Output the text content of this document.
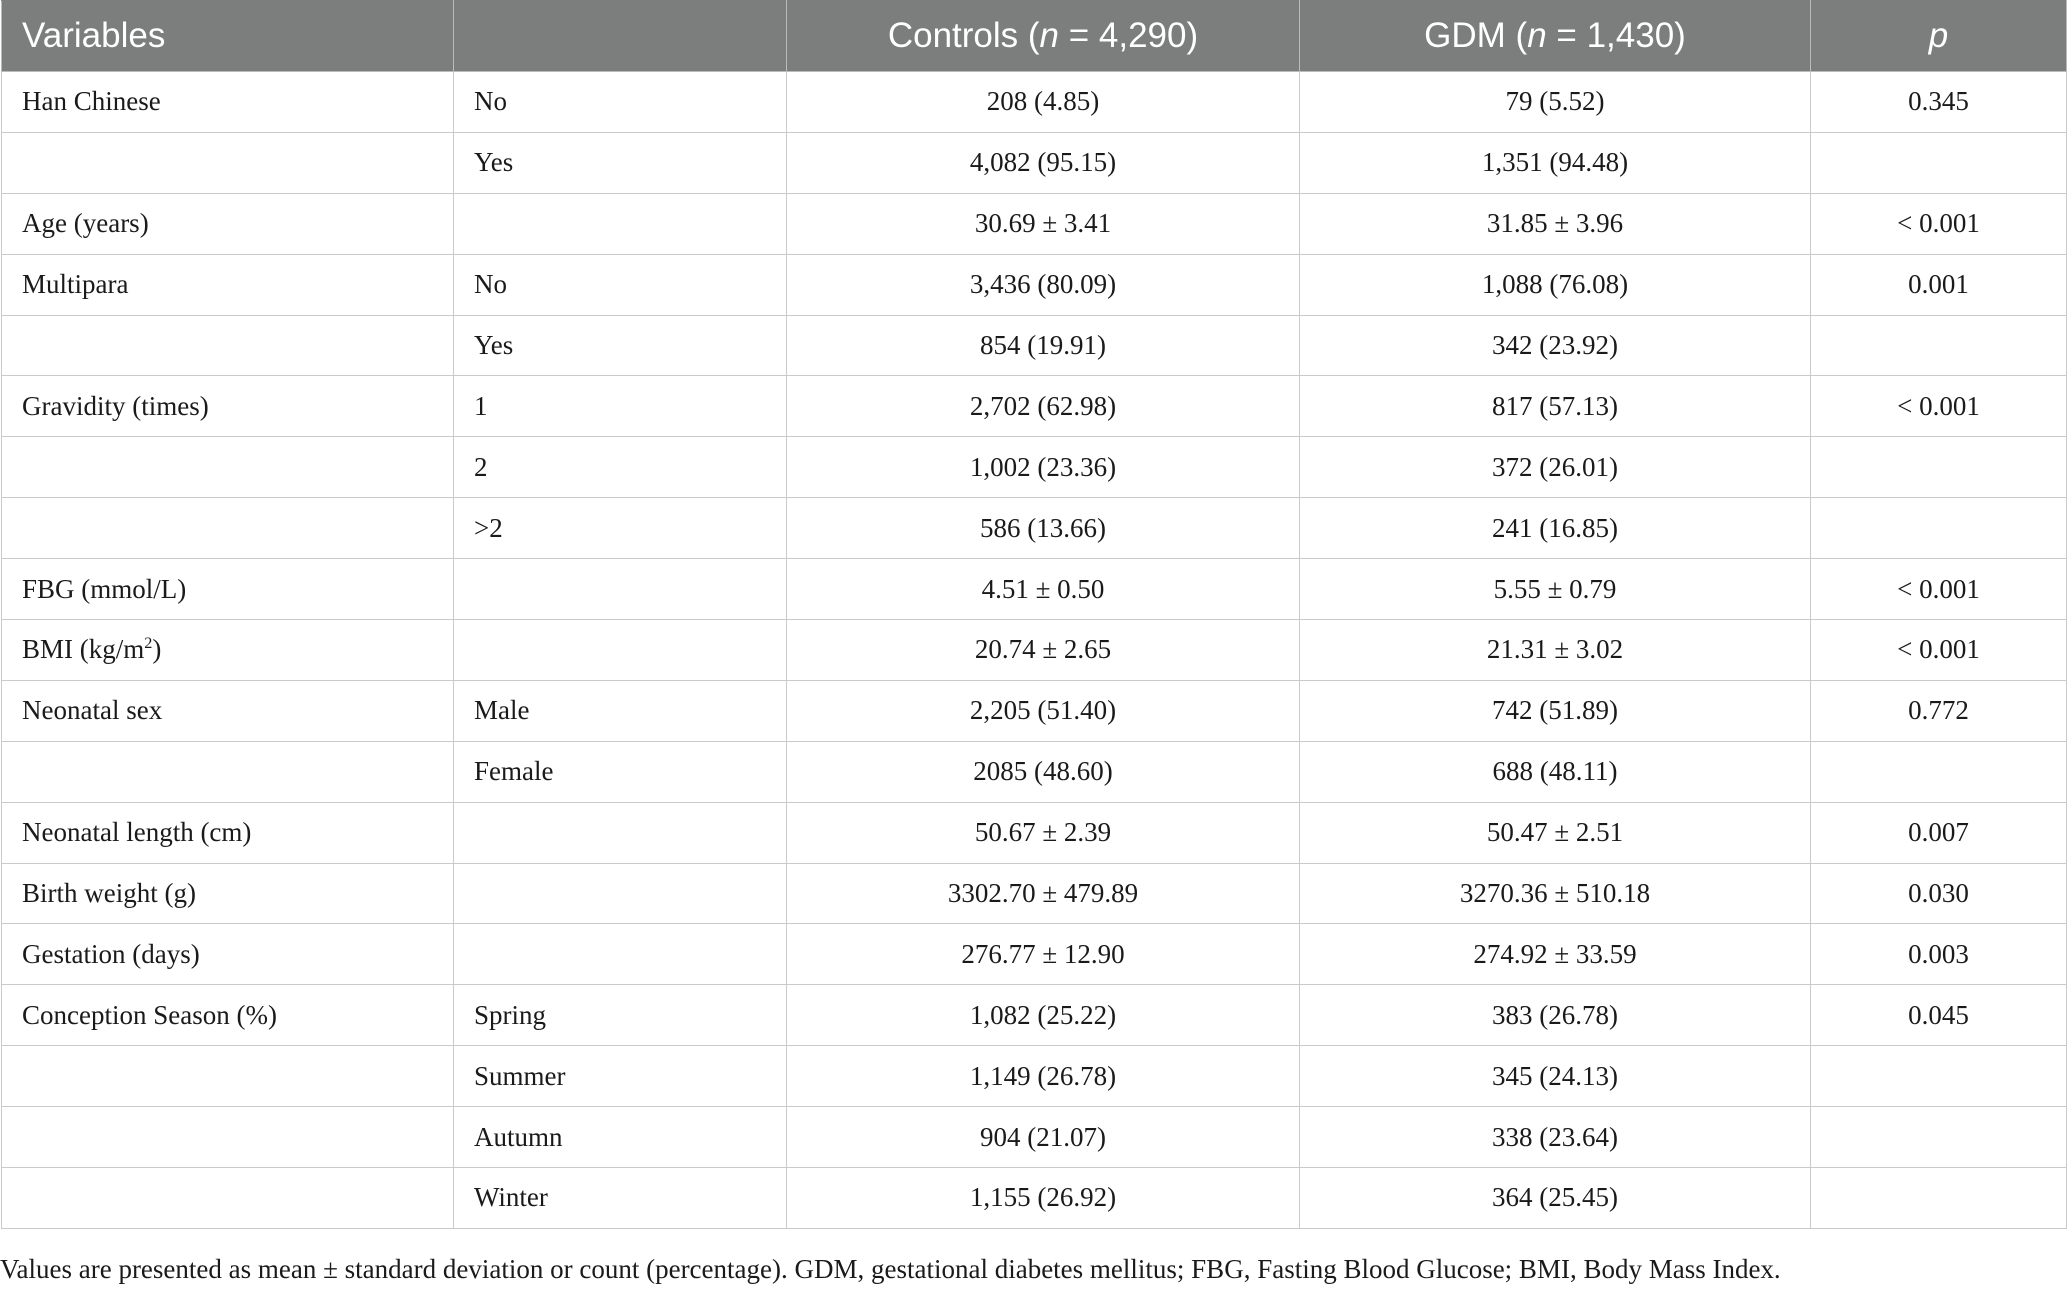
Variables		Controls (n = 4,290)	GDM (n = 1,430)	p
Han Chinese	No	208 (4.85)	79 (5.52)	0.345
	Yes	4,082 (95.15)	1,351 (94.48)	
Age (years)		30.69 ± 3.41	31.85 ± 3.96	< 0.001
Multipara	No	3,436 (80.09)	1,088 (76.08)	0.001
	Yes	854 (19.91)	342 (23.92)	
Gravidity (times)	1	2,702 (62.98)	817 (57.13)	< 0.001
	2	1,002 (23.36)	372 (26.01)	
	>2	586 (13.66)	241 (16.85)	
FBG (mmol/L)		4.51 ± 0.50	5.55 ± 0.79	< 0.001
BMI $(kg/m^2)$		20.74 ± 2.65	21.31 ± 3.02	< 0.001
Neonatal sex	Male	2,205 (51.40)	742 (51.89)	0.772
	Female	2085 (48.60)	688 (48.11)	
Neonatal length (cm)		50.67 ± 2.39	50.47 ± 2.51	0.007
Birth weight (g)		3302.70 ± 479.89	3270.36 ± 510.18	0.030
Gestation (days)		276.77 ± 12.90	274.92 ± 33.59	0.003
Conception Season (%)	Spring	1,082 (25.22)	383 (26.78)	0.045
	Summer	1,149 (26.78)	345 (24.13)	
	Autumn	904 (21.07)	338 (23.64)	
	Winter	1,155 (26.92)	364 (25.45)	
Values are presented as mean ± standard deviation or count (percentage). GDM, gestational diabetes mellitus; FBG, Fasting Blood Glucose; BMI, Body Mass Index.
